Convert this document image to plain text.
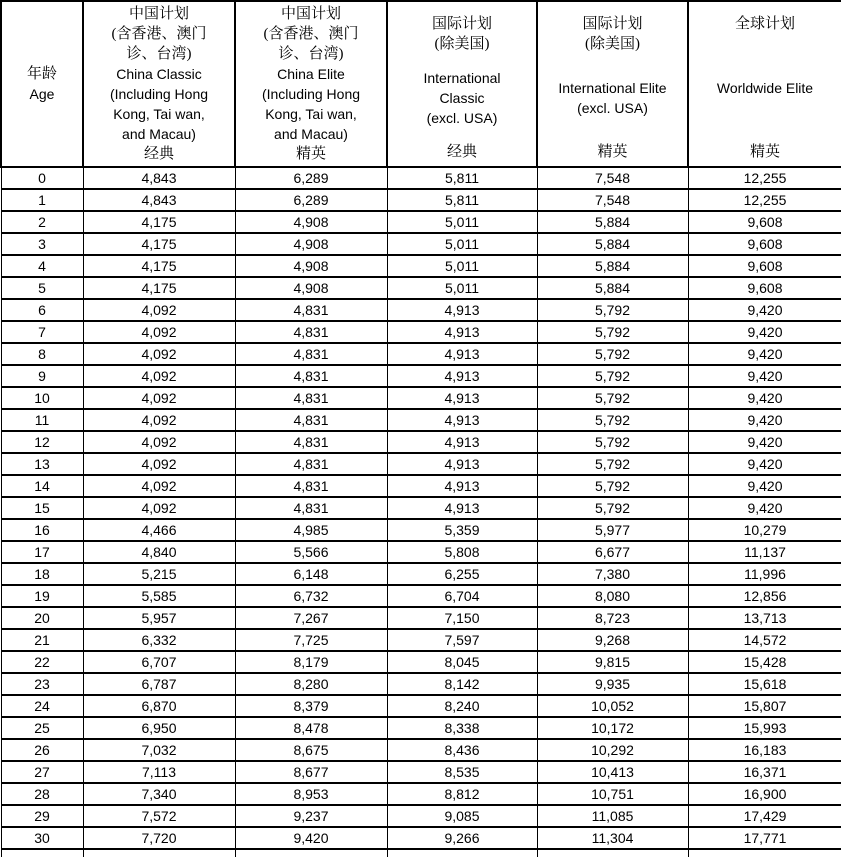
年龄
Age

中国计划
(含香港、澳门
诊、台湾)
China Classic
(Including Hong
Kong, Tai wan,
and Macau)
经典

中国计划
(含香港、澳门
诊、台湾)
China Elite
(Including Hong
Kong, Tai wan,
and Macau)
精英

国际计划
(除美国)
International
Classic
(excl. USA)
经典

国际计划
(除美国)
International Elite
(excl. USA)
精英

全球计划
Worldwide Elite
精英

0	4,843	6,289	5,811	7,548	12,255
1	4,843	6,289	5,811	7,548	12,255
2	4,175	4,908	5,011	5,884	9,608
3	4,175	4,908	5,011	5,884	9,608
4	4,175	4,908	5,011	5,884	9,608
5	4,175	4,908	5,011	5,884	9,608
6	4,092	4,831	4,913	5,792	9,420
7	4,092	4,831	4,913	5,792	9,420
8	4,092	4,831	4,913	5,792	9,420
9	4,092	4,831	4,913	5,792	9,420
10	4,092	4,831	4,913	5,792	9,420
11	4,092	4,831	4,913	5,792	9,420
12	4,092	4,831	4,913	5,792	9,420
13	4,092	4,831	4,913	5,792	9,420
14	4,092	4,831	4,913	5,792	9,420
15	4,092	4,831	4,913	5,792	9,420
16	4,466	4,985	5,359	5,977	10,279
17	4,840	5,566	5,808	6,677	11,137
18	5,215	6,148	6,255	7,380	11,996
19	5,585	6,732	6,704	8,080	12,856
20	5,957	7,267	7,150	8,723	13,713
21	6,332	7,725	7,597	9,268	14,572
22	6,707	8,179	8,045	9,815	15,428
23	6,787	8,280	8,142	9,935	15,618
24	6,870	8,379	8,240	10,052	15,807
25	6,950	8,478	8,338	10,172	15,993
26	7,032	8,675	8,436	10,292	16,183
27	7,113	8,677	8,535	10,413	16,371
28	7,340	8,953	8,812	10,751	16,900
29	7,572	9,237	9,085	11,085	17,429
30	7,720	9,420	9,266	11,304	17,771
